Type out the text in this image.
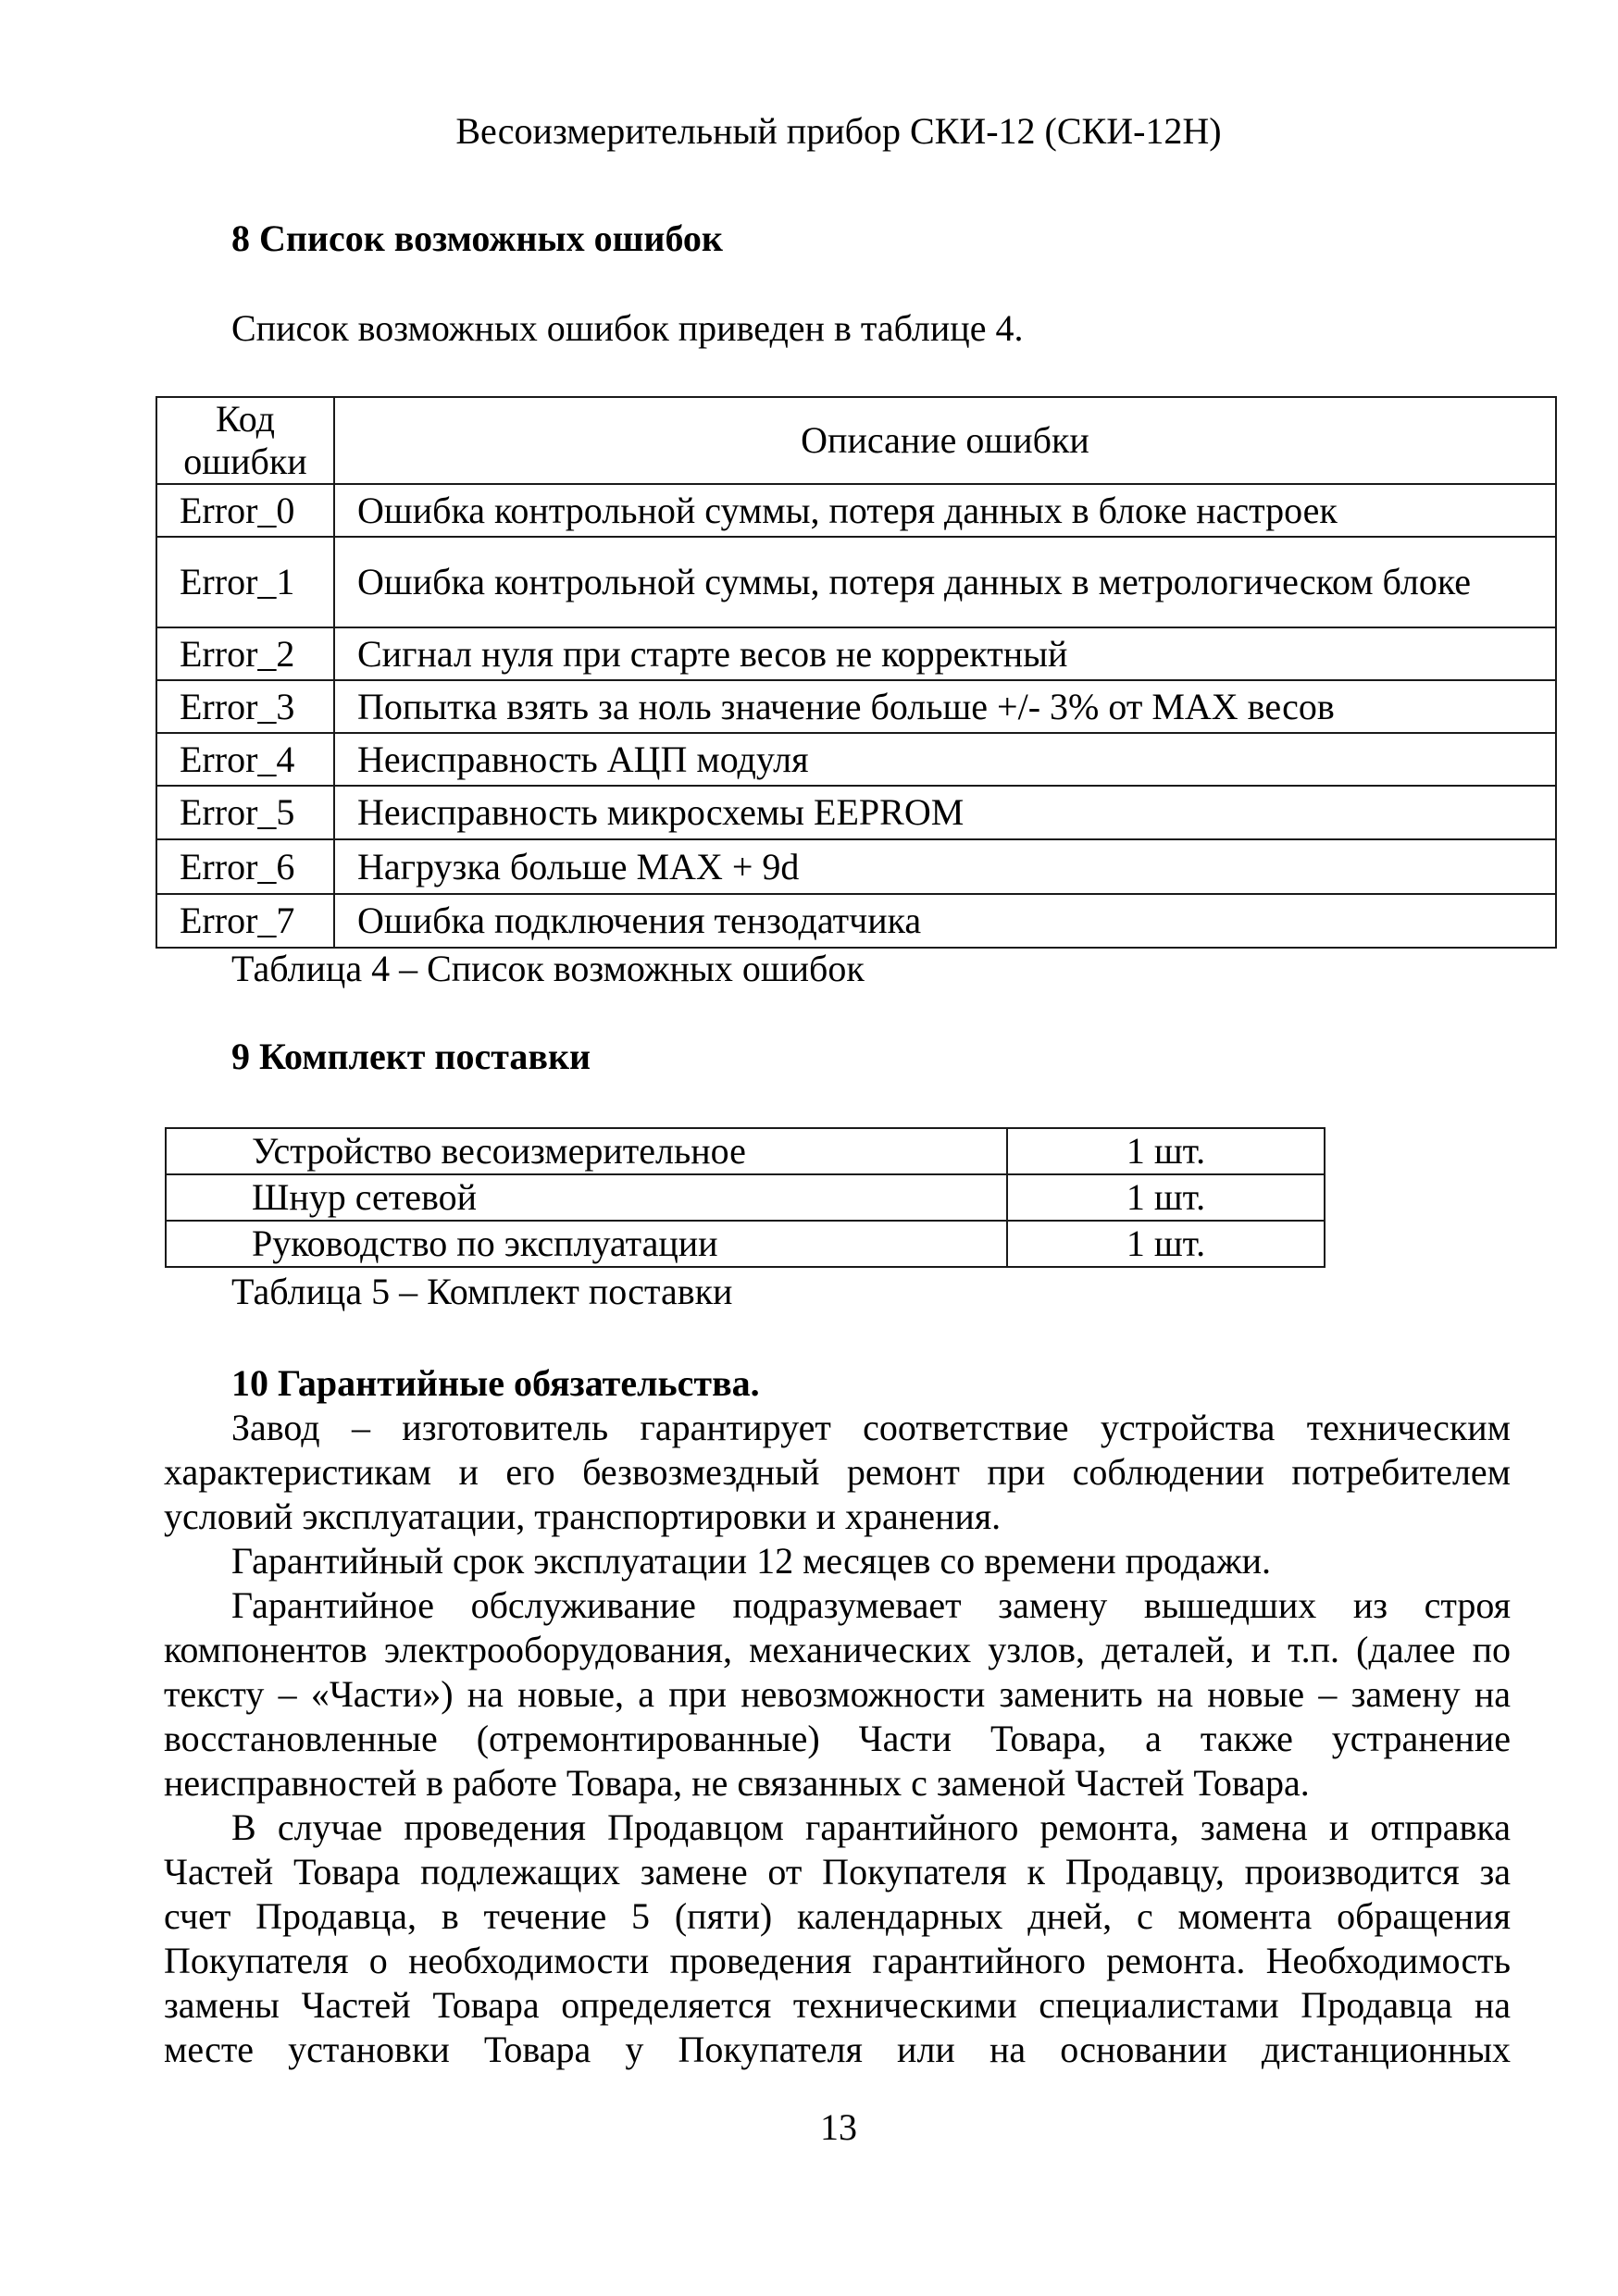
Весоизмерительный прибор СКИ-12 (СКИ-12Н)
8 Список возможных ошибок
Список возможных ошибок приведен в таблице 4.
Код ошибки	Описание ошибки
Error_0	Ошибка контрольной суммы, потеря данных в блоке настроек
Error_1	Ошибка контрольной суммы, потеря данных в метрологическом блоке
Error_2	Сигнал нуля при старте весов не корректный
Error_3	Попытка взять за ноль значение больше +/- 3% от MAX весов
Error_4	Неисправность АЦП модуля
Error_5	Неисправность микросхемы EEPROM
Error_6	Нагрузка больше MAX + 9d
Error_7	Ошибка подключения тензодатчика
Таблица 4 – Список возможных ошибок
9 Комплект поставки
Устройство весоизмерительное	1 шт.
Шнур сетевой	1 шт.
Руководство по эксплуатации	1 шт.
Таблица 5 – Комплект поставки
10 Гарантийные обязательства.
Завод – изготовитель гарантирует соответствие устройства техническим
характеристикам и его безвозмездный ремонт при соблюдении потребителем
условий эксплуатации, транспортировки и хранения.
Гарантийный срок эксплуатации 12 месяцев со времени продажи.
Гарантийное обслуживание подразумевает замену вышедших из строя
компонентов электрооборудования, механических узлов, деталей, и т.п. (далее по
тексту – «Части») на новые, а при невозможности заменить на новые – замену на
восстановленные (отремонтированные) Части Товара, а также устранение
неисправностей в работе Товара, не связанных с заменой Частей Товара.
В случае проведения Продавцом гарантийного ремонта, замена и отправка
Частей Товара подлежащих замене от Покупателя к Продавцу, производится за
счет Продавца, в течение 5 (пяти) календарных дней, с момента обращения
Покупателя о необходимости проведения гарантийного ремонта. Необходимость
замены Частей Товара определяется техническими специалистами Продавца на
месте установки Товара у Покупателя или на основании дистанционных
13
